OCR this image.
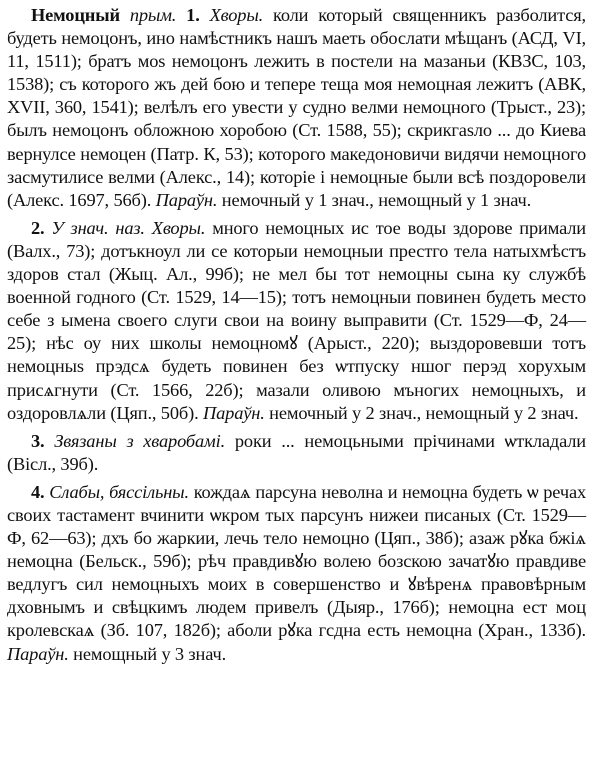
Немоцный прым. 1. Хворы. коли который священникъ разболится, будеть немоцонъ, ино намѣстникъ нашъ маеть обослати мѣщанъ (АСД, VI, 11, 1511); братъ моѕ немоцонъ лежить в постели на мазаньи (КВЗС, 103, 1538); съ которого жъ дей бою и тепере теща моя немоцная лежитъ (АВК, XVII, 360, 1541); велѣлъ его увести у судно велми немоцного (Трыст., 23); былъ немоцонъ обложною хоробою (Ст. 1588, 55); скрикгаѕло ... до Киева вернулсе немоцен (Патр. К, 53); которого македоновичи видячи немоцного засмутилисе велми (Алекс., 14); которіе і немоцные были всѣ поздоровели (Алекс. 1697, 56б). Параўн. немочный у 1 знач., немощный у 1 знач.

2. У знач. наз. Хворы. много немоцных ис тое воды здорове примали (Валх., 73); дотъкноул ли се которыи немоцныи престго тела натыхмѣстъ здоров стал (Жыц. Ал., 99б); не мел бы тот немоцны сына ку службѣ военной годного (Ст. 1529, 14—15); тотъ немоцныи повинен будеть место себе з ымена своего слуги свои на воину выправити (Ст. 1529—Ф, 24—25); нѣс оу них школы немоцномꙋ (Арыст., 220); выздоровевши тотъ немоцныѕ прэдсѧ будеть повинен без ѡтпуску ншог перэд хорухым присѧгнути (Ст. 1566, 22б); мазали оливою мъногих немоцныхъ, и оздоровлѧли (Цяп., 50б). Параўн. немочный у 2 знач., немощный у 2 знач.

3. Звязаны з хваробамі. роки ... немоцьными прічинами ѡткладали (Вісл., 39б).

4. Слабы, бяссільны. кождаѧ парсуна неволна и немоцна будеть ѡ речах своих тастамент вчинити ѡкром тых парсунъ нижеи писаных (Ст. 1529—Ф, 62—63); дхъ бо жаркии, лечь тело немоцно (Цяп., 38б); азаж рꙋка бжіѧ немоцна (Бельск., 59б); рѣч правдивꙋю волею бозскою зачатꙋю правдиве ведлугъ сил немоцныхъ моих в совершенство и ꙋвѣренѧ правовѣрным дховнымъ и свѣцкимъ людем привелъ (Дыяр., 176б); немоцна ест моц кролевскаѧ (Зб. 107, 182б); аболи рꙋка гсдна есть немоцна (Хран., 133б). Параўн. немощный у 3 знач.
